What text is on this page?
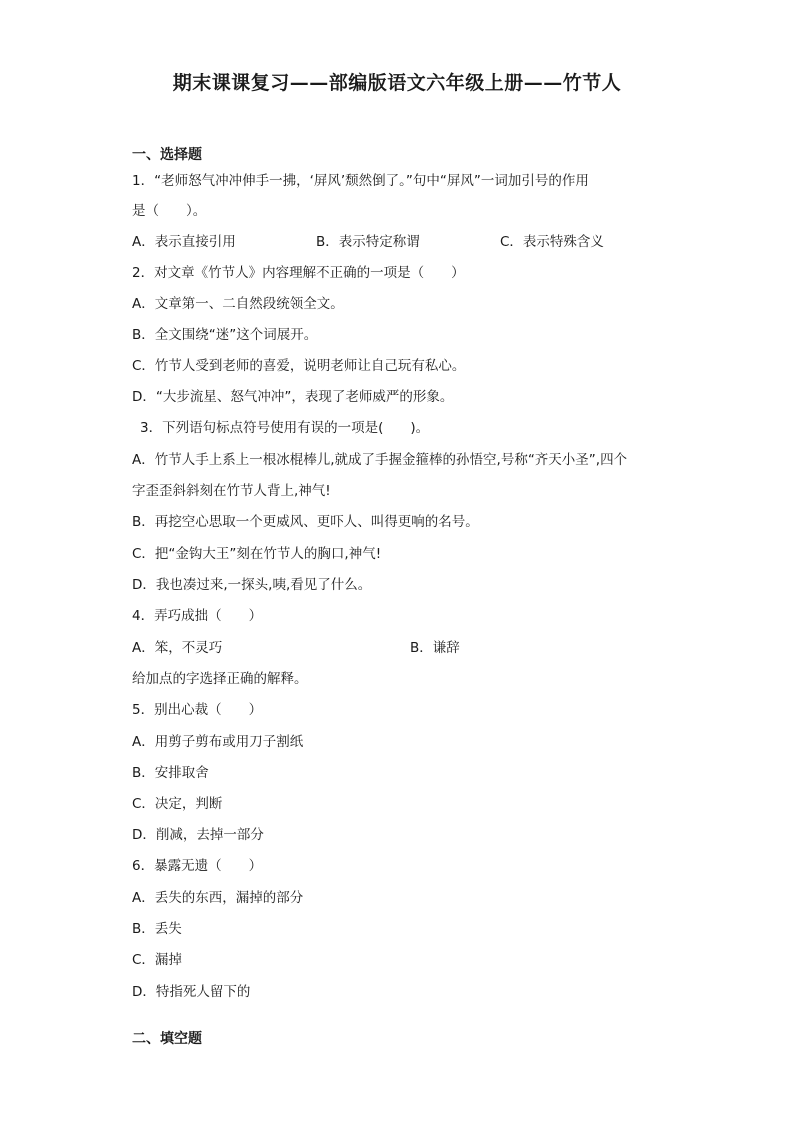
期末课课复习——部编版语文六年级上册——竹节人
一、选择题
1．“老师怒气冲冲伸手一拂，‘屏风’颓然倒了。”句中“屏风”一词加引号的作用
是（　　）。
A．表示直接引用	B．表示特定称谓	C．表示特殊含义
2．对文章《竹节人》内容理解不正确的一项是（　　）
A．文章第一、二自然段统领全文。
B．全文围绕“迷”这个词展开。
C．竹节人受到老师的喜爱，说明老师让自己玩有私心。
D．“大步流星、怒气冲冲”，表现了老师威严的形象。
3．下列语句标点符号使用有误的一项是(　　)。
A．竹节人手上系上一根冰棍棒儿,就成了手握金箍棒的孙悟空,号称“齐天小圣”,四个
字歪歪斜斜刻在竹节人背上,神气!
B．再挖空心思取一个更威风、更吓人、叫得更响的名号。
C．把“金钩大王”刻在竹节人的胸口,神气!
D．我也凑过来,一探头,咦,看见了什么。
4．弄巧成拙（　　）
A．笨，不灵巧	B．谦辞
给加点的字选择正确的解释。
5．别出心裁（　　）
A．用剪子剪布或用刀子割纸
B．安排取舍
C．决定，判断
D．削减，去掉一部分
6．暴露无遗（　　）
A．丢失的东西，漏掉的部分
B．丢失
C．漏掉
D．特指死人留下的
二、填空题
